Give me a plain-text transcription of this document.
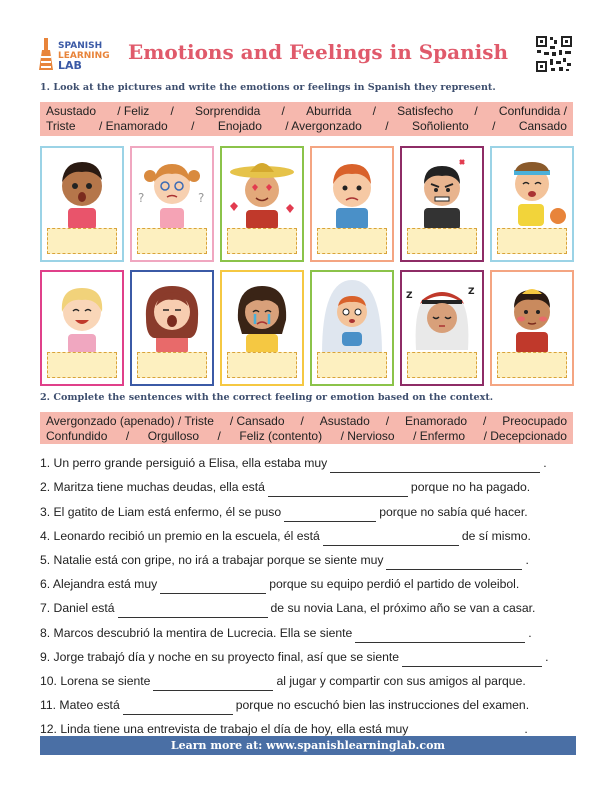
SPANISH
LEARNING
LAB
Emotions and Feelings in Spanish
1. Look at the pictures and write the emotions or feelings in Spanish they represent.
Asustado / Feliz / Sorprendida / Aburrida / Satisfecho / Confundida /
Triste / Enamorado / Enojado / Avergonzado / Soñoliento / Cansado
?	?
Z	Z
2. Complete the sentences with the correct feeling or emotion based on the context.
Avergonzado (apenado) / Triste / Cansado / Asustado / Enamorado / Preocupado
Confundido / Orgulloso / Feliz (contento) / Nervioso / Enfermo / Decepcionado
1. Un perro grande persiguió a Elisa, ella estaba muy	.
2. Maritza tiene muchas deudas, ella está	porque no ha pagado.
3. El gatito de Liam está enfermo, él se puso	porque no sabía qué hacer.
4. Leonardo recibió un premio en la escuela, él está	de sí mismo.
5. Natalie está con gripe, no irá a trabajar porque se siente muy	.
6. Alejandra está muy	porque su equipo perdió el partido de voleibol.
7. Daniel está	de su novia Lana, el próximo año se van a casar.
8. Marcos descubrió la mentira de Lucrecia. Ella se siente	.
9. Jorge trabajó día y noche en su proyecto final, así que se siente	.
10. Lorena se siente	al jugar y compartir con sus amigos al parque.
11. Mateo está	porque no escuchó bien las instrucciones del examen.
12. Linda tiene una entrevista de trabajo el día de hoy, ella está muy	.
Learn more at: www.spanishlearninglab.com
